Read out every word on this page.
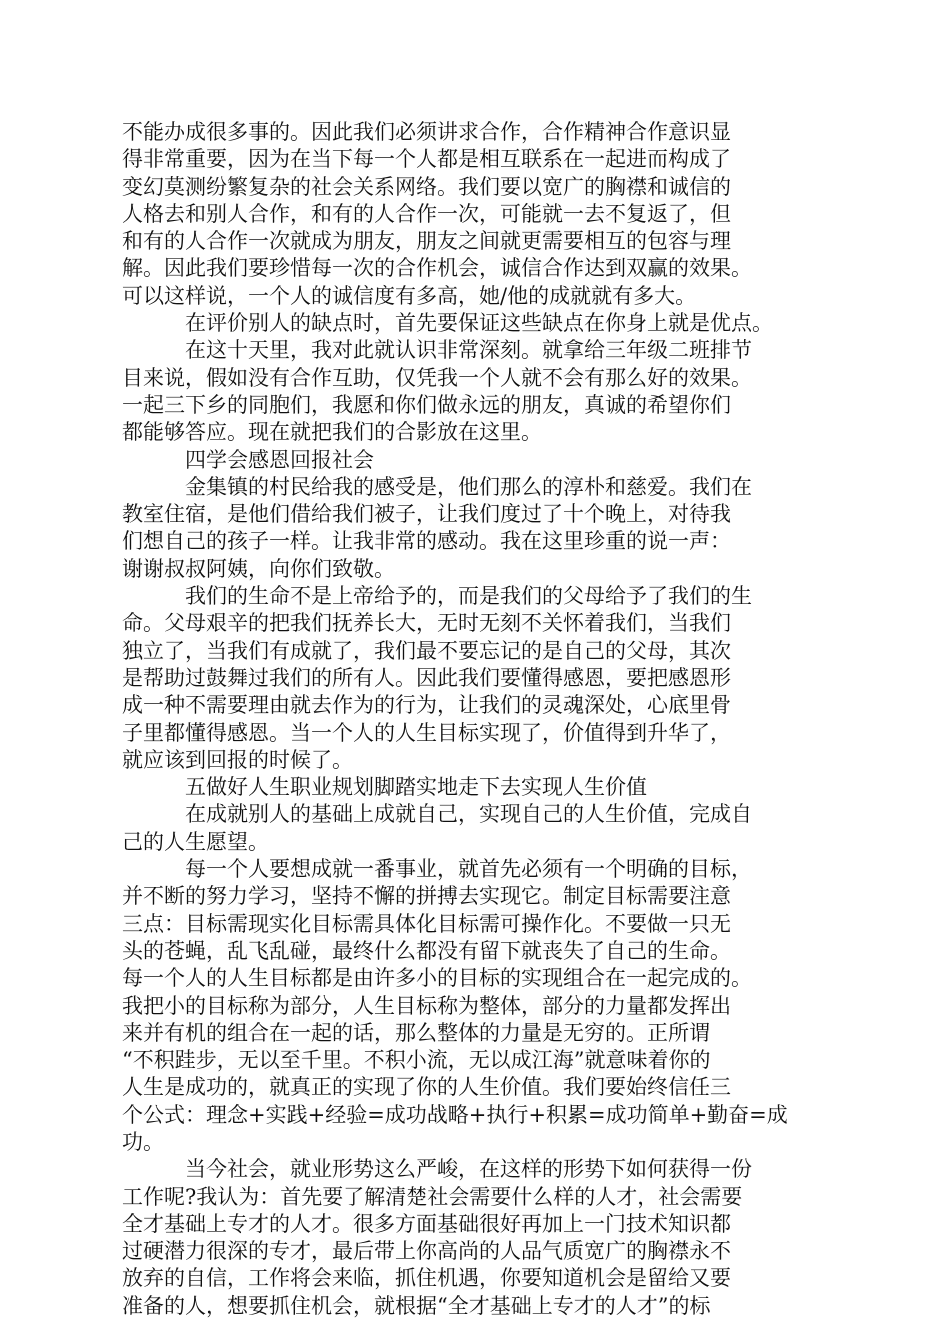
不能办成很多事的。因此我们必须讲求合作，合作精神合作意识显
得非常重要，因为在当下每一个人都是相互联系在一起进而构成了
变幻莫测纷繁复杂的社会关系网络。我们要以宽广的胸襟和诚信的
人格去和别人合作，和有的人合作一次，可能就一去不复返了，但
和有的人合作一次就成为朋友，朋友之间就更需要相互的包容与理
解。因此我们要珍惜每一次的合作机会，诚信合作达到双赢的效果。
可以这样说，一个人的诚信度有多高，她/他的成就就有多大。
在评价别人的缺点时，首先要保证这些缺点在你身上就是优点。
在这十天里，我对此就认识非常深刻。就拿给三年级二班排节
目来说，假如没有合作互助，仅凭我一个人就不会有那么好的效果。
一起三下乡的同胞们，我愿和你们做永远的朋友，真诚的希望你们
都能够答应。现在就把我们的合影放在这里。
四学会感恩回报社会
金集镇的村民给我的感受是，他们那么的淳朴和慈爱。我们在
教室住宿，是他们借给我们被子，让我们度过了十个晚上，对待我
们想自己的孩子一样。让我非常的感动。我在这里珍重的说一声：
谢谢叔叔阿姨，向你们致敬。
我们的生命不是上帝给予的，而是我们的父母给予了我们的生
命。父母艰辛的把我们抚养长大，无时无刻不关怀着我们，当我们
独立了，当我们有成就了，我们最不要忘记的是自己的父母，其次
是帮助过鼓舞过我们的所有人。因此我们要懂得感恩，要把感恩形
成一种不需要理由就去作为的行为，让我们的灵魂深处，心底里骨
子里都懂得感恩。当一个人的人生目标实现了，价值得到升华了，
就应该到回报的时候了。
五做好人生职业规划脚踏实地走下去实现人生价值
在成就别人的基础上成就自己，实现自己的人生价值，完成自
己的人生愿望。
每一个人要想成就一番事业，就首先必须有一个明确的目标，
并不断的努力学习，坚持不懈的拼搏去实现它。制定目标需要注意
三点：目标需现实化目标需具体化目标需可操作化。不要做一只无
头的苍蝇，乱飞乱碰，最终什么都没有留下就丧失了自己的生命。
每一个人的人生目标都是由许多小的目标的实现组合在一起完成的。
我把小的目标称为部分，人生目标称为整体，部分的力量都发挥出
来并有机的组合在一起的话，那么整体的力量是无穷的。正所谓
“不积跬步，无以至千里。不积小流，无以成江海”就意味着你的
人生是成功的，就真正的实现了你的人生价值。我们要始终信任三
个公式：理念+实践+经验=成功战略+执行+积累=成功简单+勤奋=成
功。
当今社会，就业形势这么严峻，在这样的形势下如何获得一份
工作呢?我认为：首先要了解清楚社会需要什么样的人才，社会需要
全才基础上专才的人才。很多方面基础很好再加上一门技术知识都
过硬潜力很深的专才，最后带上你高尚的人品气质宽广的胸襟永不
放弃的自信，工作将会来临，抓住机遇，你要知道机会是留给又要
准备的人，想要抓住机会，就根据“全才基础上专才的人才”的标
